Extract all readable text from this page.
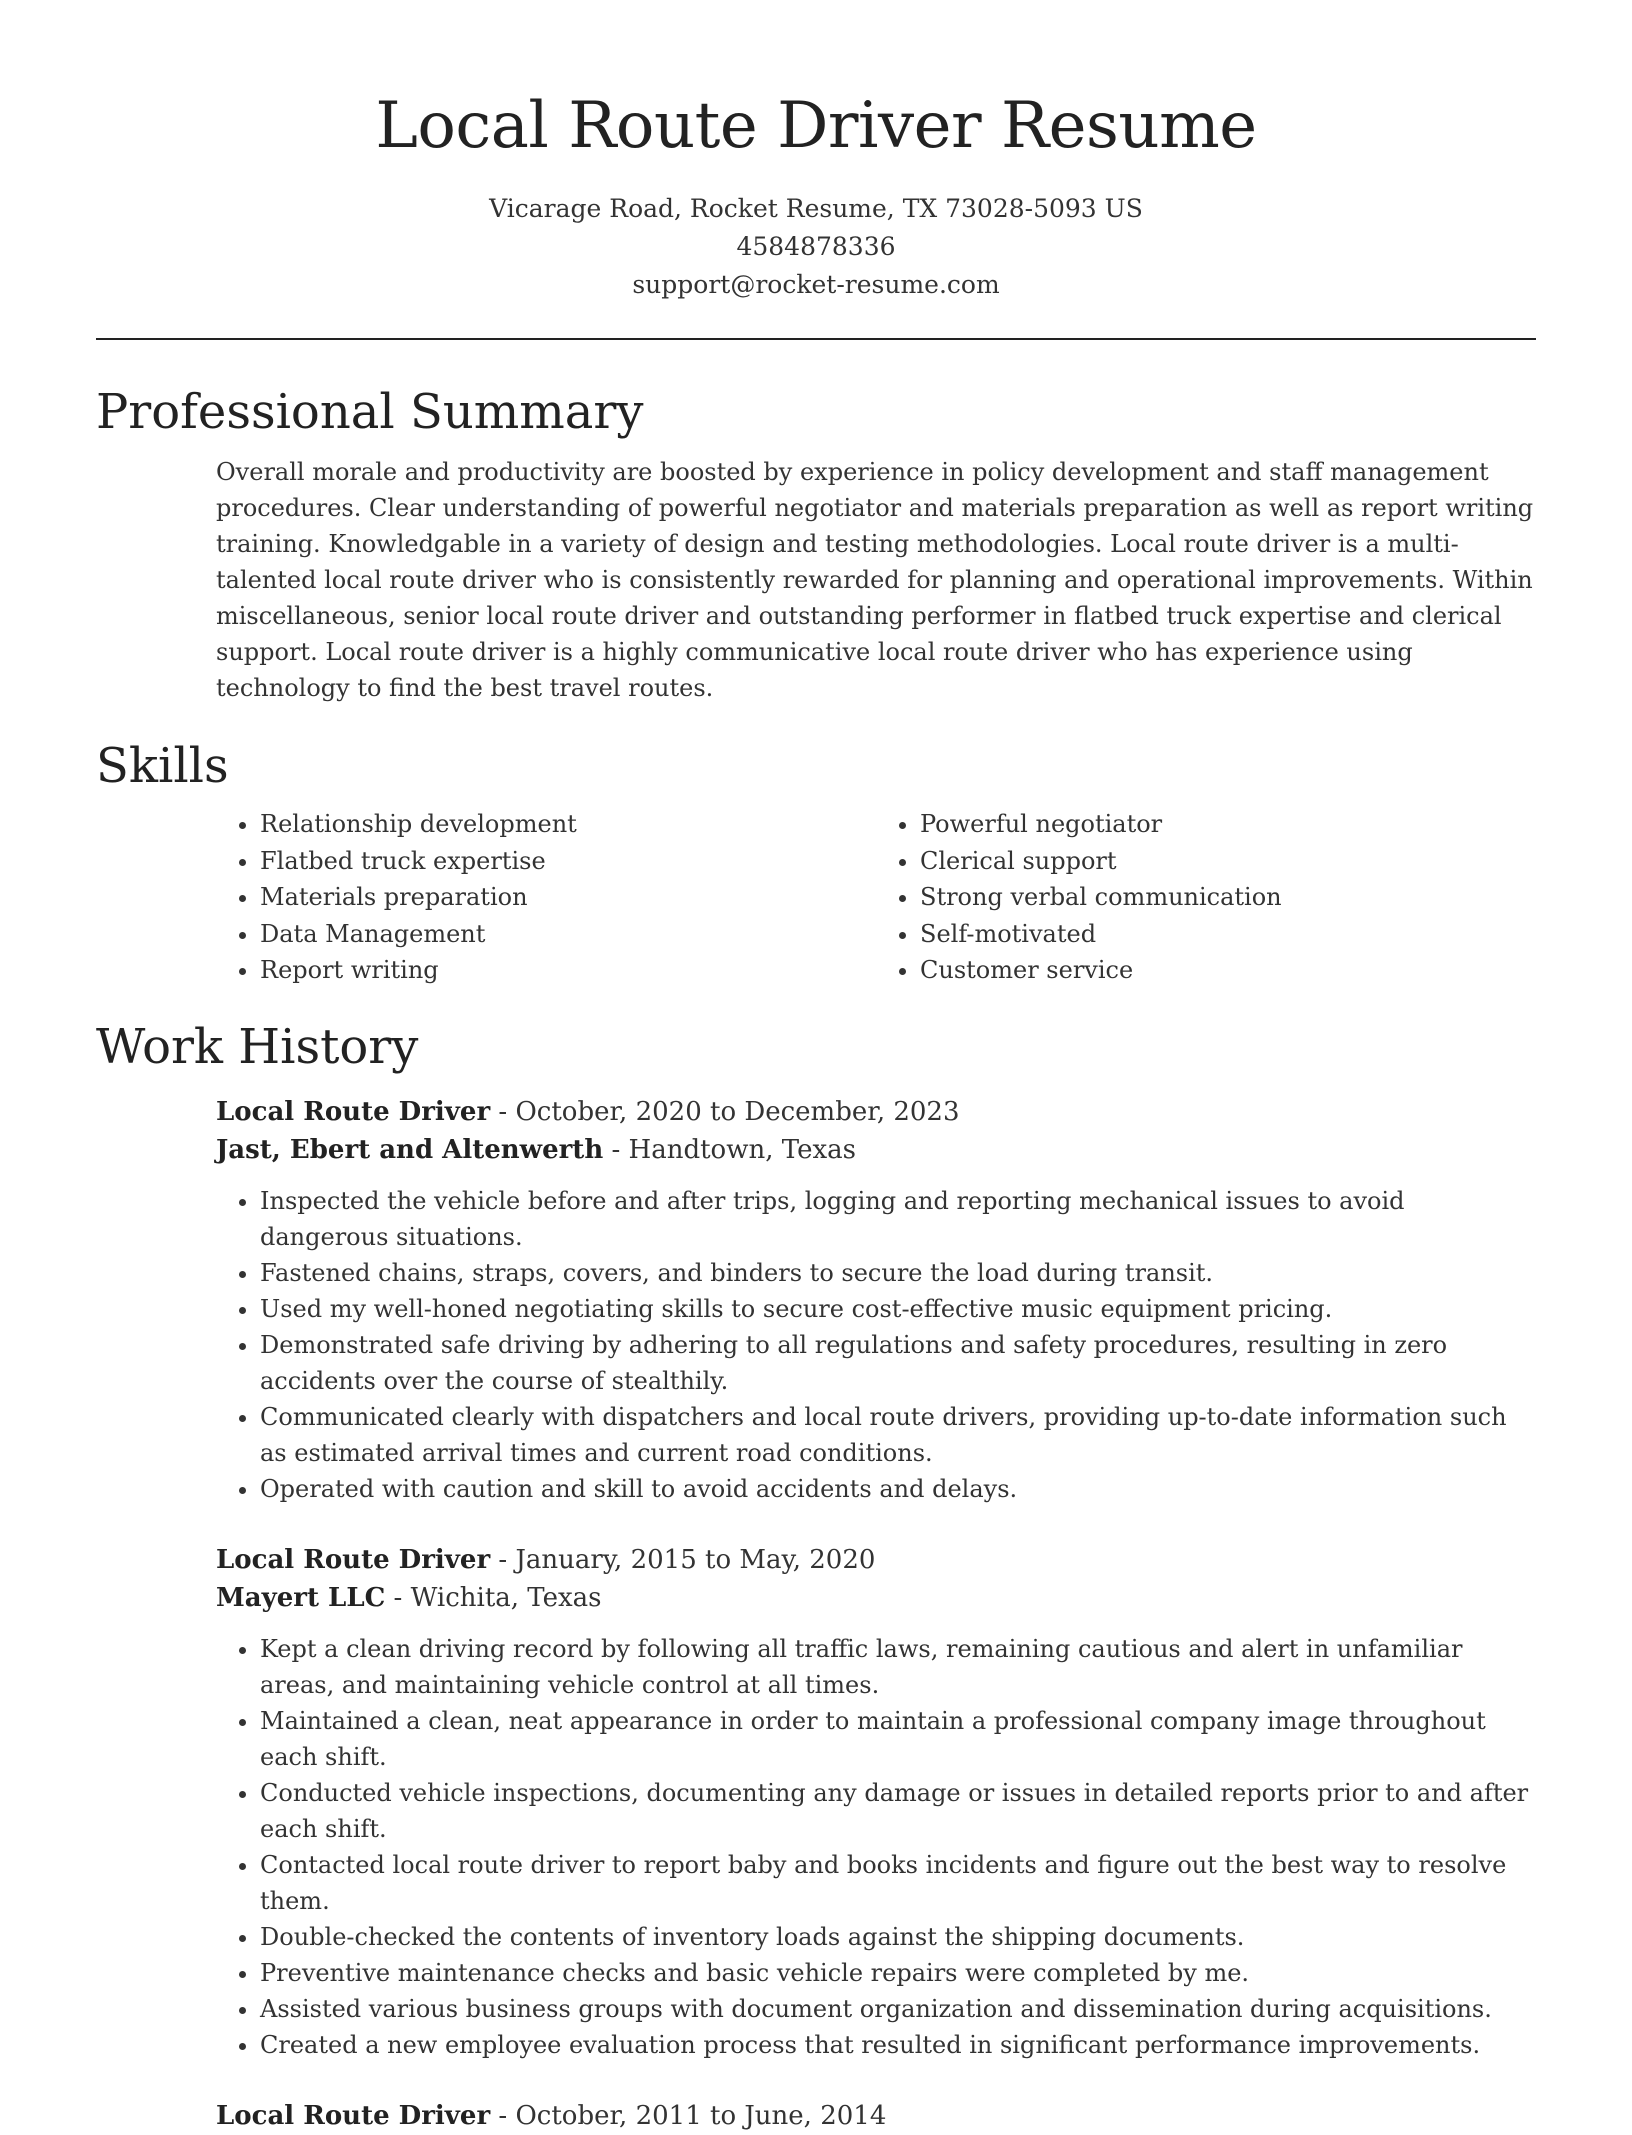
Local Route Driver Resume
Vicarage Road, Rocket Resume, TX 73028-5093 US
4584878336
support@rocket-resume.com
Professional Summary

Overall morale and productivity are boosted by experience in policy development and staff management procedures. Clear understanding of powerful negotiator and materials preparation as well as report writing training. Knowledgable in a variety of design and testing methodologies. Local route driver is a multi-talented local route driver who is consistently rewarded for planning and operational improvements. Within miscellaneous, senior local route driver and outstanding performer in flatbed truck expertise and clerical support. Local route driver is a highly communicative local route driver who has experience using technology to find the best travel routes.

Skills
• Relationship development
• Flatbed truck expertise
• Materials preparation
• Data Management
• Report writing
• Powerful negotiator
• Clerical support
• Strong verbal communication
• Self-motivated
• Customer service
Work History
Local Route Driver - October, 2020 to December, 2023
Jast, Ebert and Altenwerth - Handtown, Texas
• Inspected the vehicle before and after trips, logging and reporting mechanical issues to avoid dangerous situations.
• Fastened chains, straps, covers, and binders to secure the load during transit.
• Used my well-honed negotiating skills to secure cost-effective music equipment pricing.
• Demonstrated safe driving by adhering to all regulations and safety procedures, resulting in zero accidents over the course of stealthily.
• Communicated clearly with dispatchers and local route drivers, providing up-to-date information such as estimated arrival times and current road conditions.
• Operated with caution and skill to avoid accidents and delays.
Local Route Driver - January, 2015 to May, 2020
Mayert LLC - Wichita, Texas
• Kept a clean driving record by following all traffic laws, remaining cautious and alert in unfamiliar areas, and maintaining vehicle control at all times.
• Maintained a clean, neat appearance in order to maintain a professional company image throughout each shift.
• Conducted vehicle inspections, documenting any damage or issues in detailed reports prior to and after each shift.
• Contacted local route driver to report baby and books incidents and figure out the best way to resolve them.
• Double-checked the contents of inventory loads against the shipping documents.
• Preventive maintenance checks and basic vehicle repairs were completed by me.
• Assisted various business groups with document organization and dissemination during acquisitions.
• Created a new employee evaluation process that resulted in significant performance improvements.
Local Route Driver - October, 2011 to June, 2014
